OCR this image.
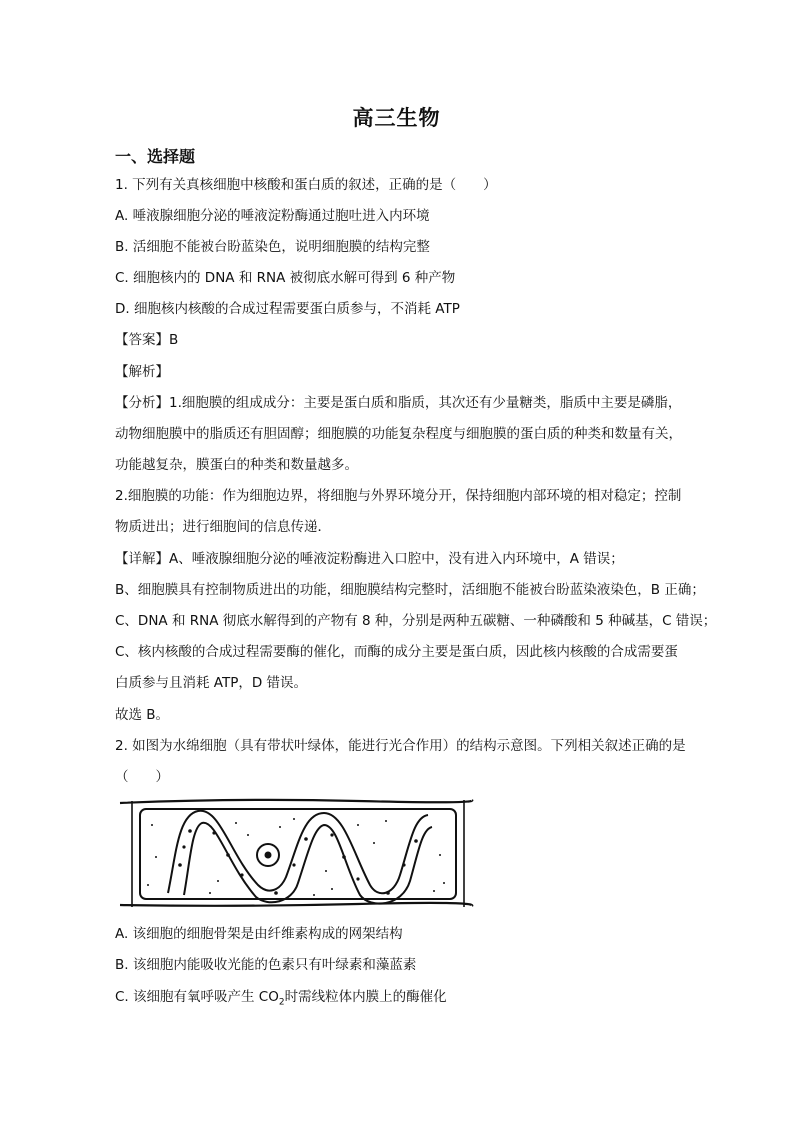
高三生物
一、选择题
1. 下列有关真核细胞中核酸和蛋白质的叙述，正确的是（　　）
A. 唾液腺细胞分泌的唾液淀粉酶通过胞吐进入内环境
B. 活细胞不能被台盼蓝染色，说明细胞膜的结构完整
C. 细胞核内的 DNA 和 RNA 被彻底水解可得到 6 种产物
D. 细胞核内核酸的合成过程需要蛋白质参与，不消耗 ATP
【答案】B
【解析】
【分析】1.细胞膜的组成成分：主要是蛋白质和脂质，其次还有少量糖类，脂质中主要是磷脂，
动物细胞膜中的脂质还有胆固醇；细胞膜的功能复杂程度与细胞膜的蛋白质的种类和数量有关，
功能越复杂，膜蛋白的种类和数量越多。
2.细胞膜的功能：作为细胞边界，将细胞与外界环境分开，保持细胞内部环境的相对稳定；控制
物质进出；进行细胞间的信息传递．
【详解】A、唾液腺细胞分泌的唾液淀粉酶进入口腔中，没有进入内环境中，A 错误；
B、细胞膜具有控制物质进出的功能，细胞膜结构完整时，活细胞不能被台盼蓝染液染色，B 正确；
C、DNA 和 RNA 彻底水解得到的产物有 8 种，分别是两种五碳糖、一种磷酸和 5 种碱基，C 错误；
C、核内核酸的合成过程需要酶的催化，而酶的成分主要是蛋白质，因此核内核酸的合成需要蛋
白质参与且消耗 ATP，D 错误。
故选 B。
2. 如图为水绵细胞（具有带状叶绿体，能进行光合作用）的结构示意图。下列相关叙述正确的是
（　　）
A. 该细胞的细胞骨架是由纤维素构成的网架结构
B. 该细胞内能吸收光能的色素只有叶绿素和藻蓝素
C. 该细胞有氧呼吸产生 $CO_2$时需线粒体内膜上的酶催化
